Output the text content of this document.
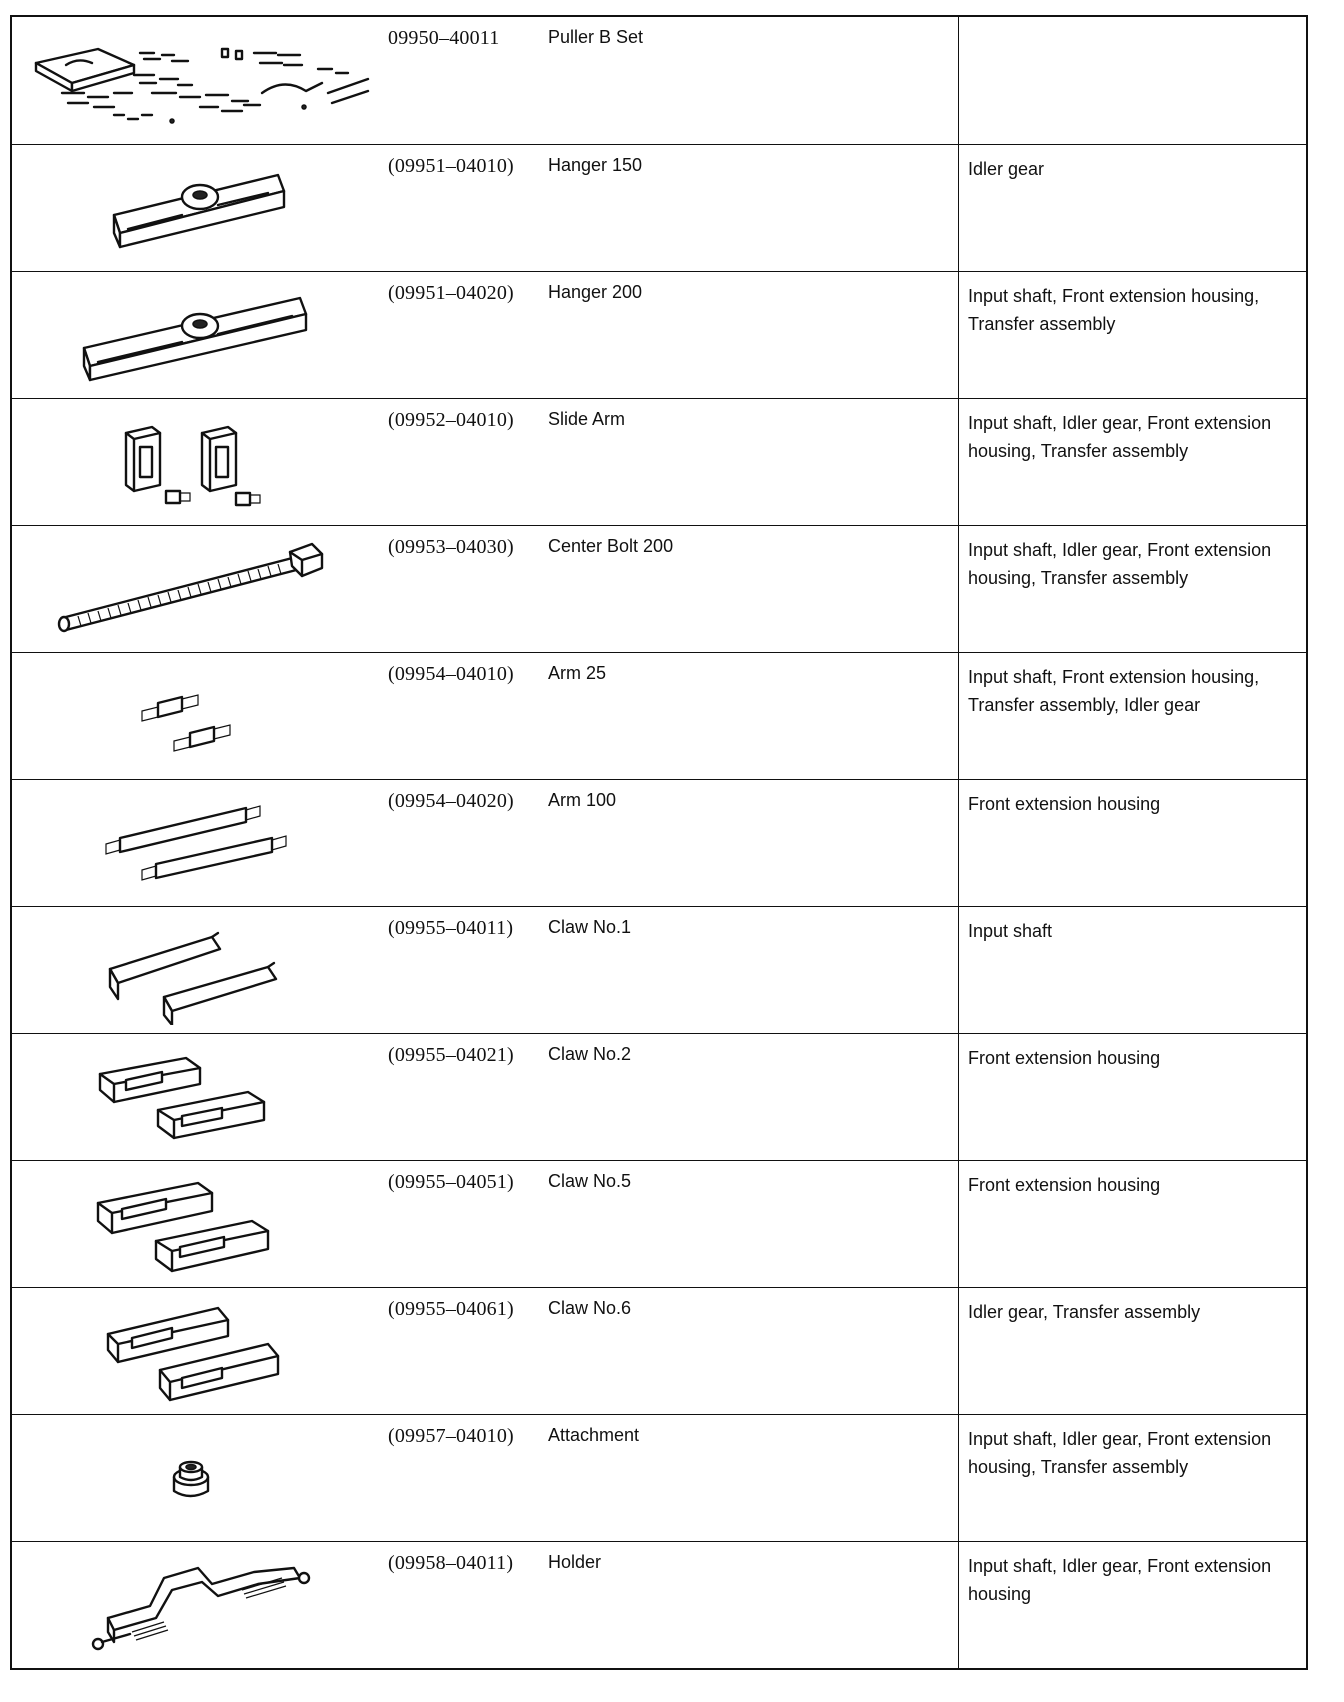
09950–40011	Puller B Set
(09951–04010) Hanger 150	Idler gear
(09951–04020) Hanger 200	Input shaft, Front extension housing, Transfer assembly
(09952–04010) Slide Arm	Input shaft, Idler gear, Front extension housing, Transfer assembly
(09953–04030) Center Bolt 200	Input shaft, Idler gear, Front extension housing, Transfer assembly
(09954–04010) Arm 25	Input shaft, Front extension housing, Transfer assembly, Idler gear
(09954–04020) Arm 100	Front extension housing
(09955–04011) Claw No.1	Input shaft
(09955–04021) Claw No.2	Front extension housing
(09955–04051) Claw No.5	Front extension housing
(09955–04061) Claw No.6	Idler gear, Transfer assembly
(09957–04010) Attachment	Input shaft, Idler gear, Front extension housing, Transfer assembly
(09958–04011) Holder	Input shaft, Idler gear, Front extension housing
